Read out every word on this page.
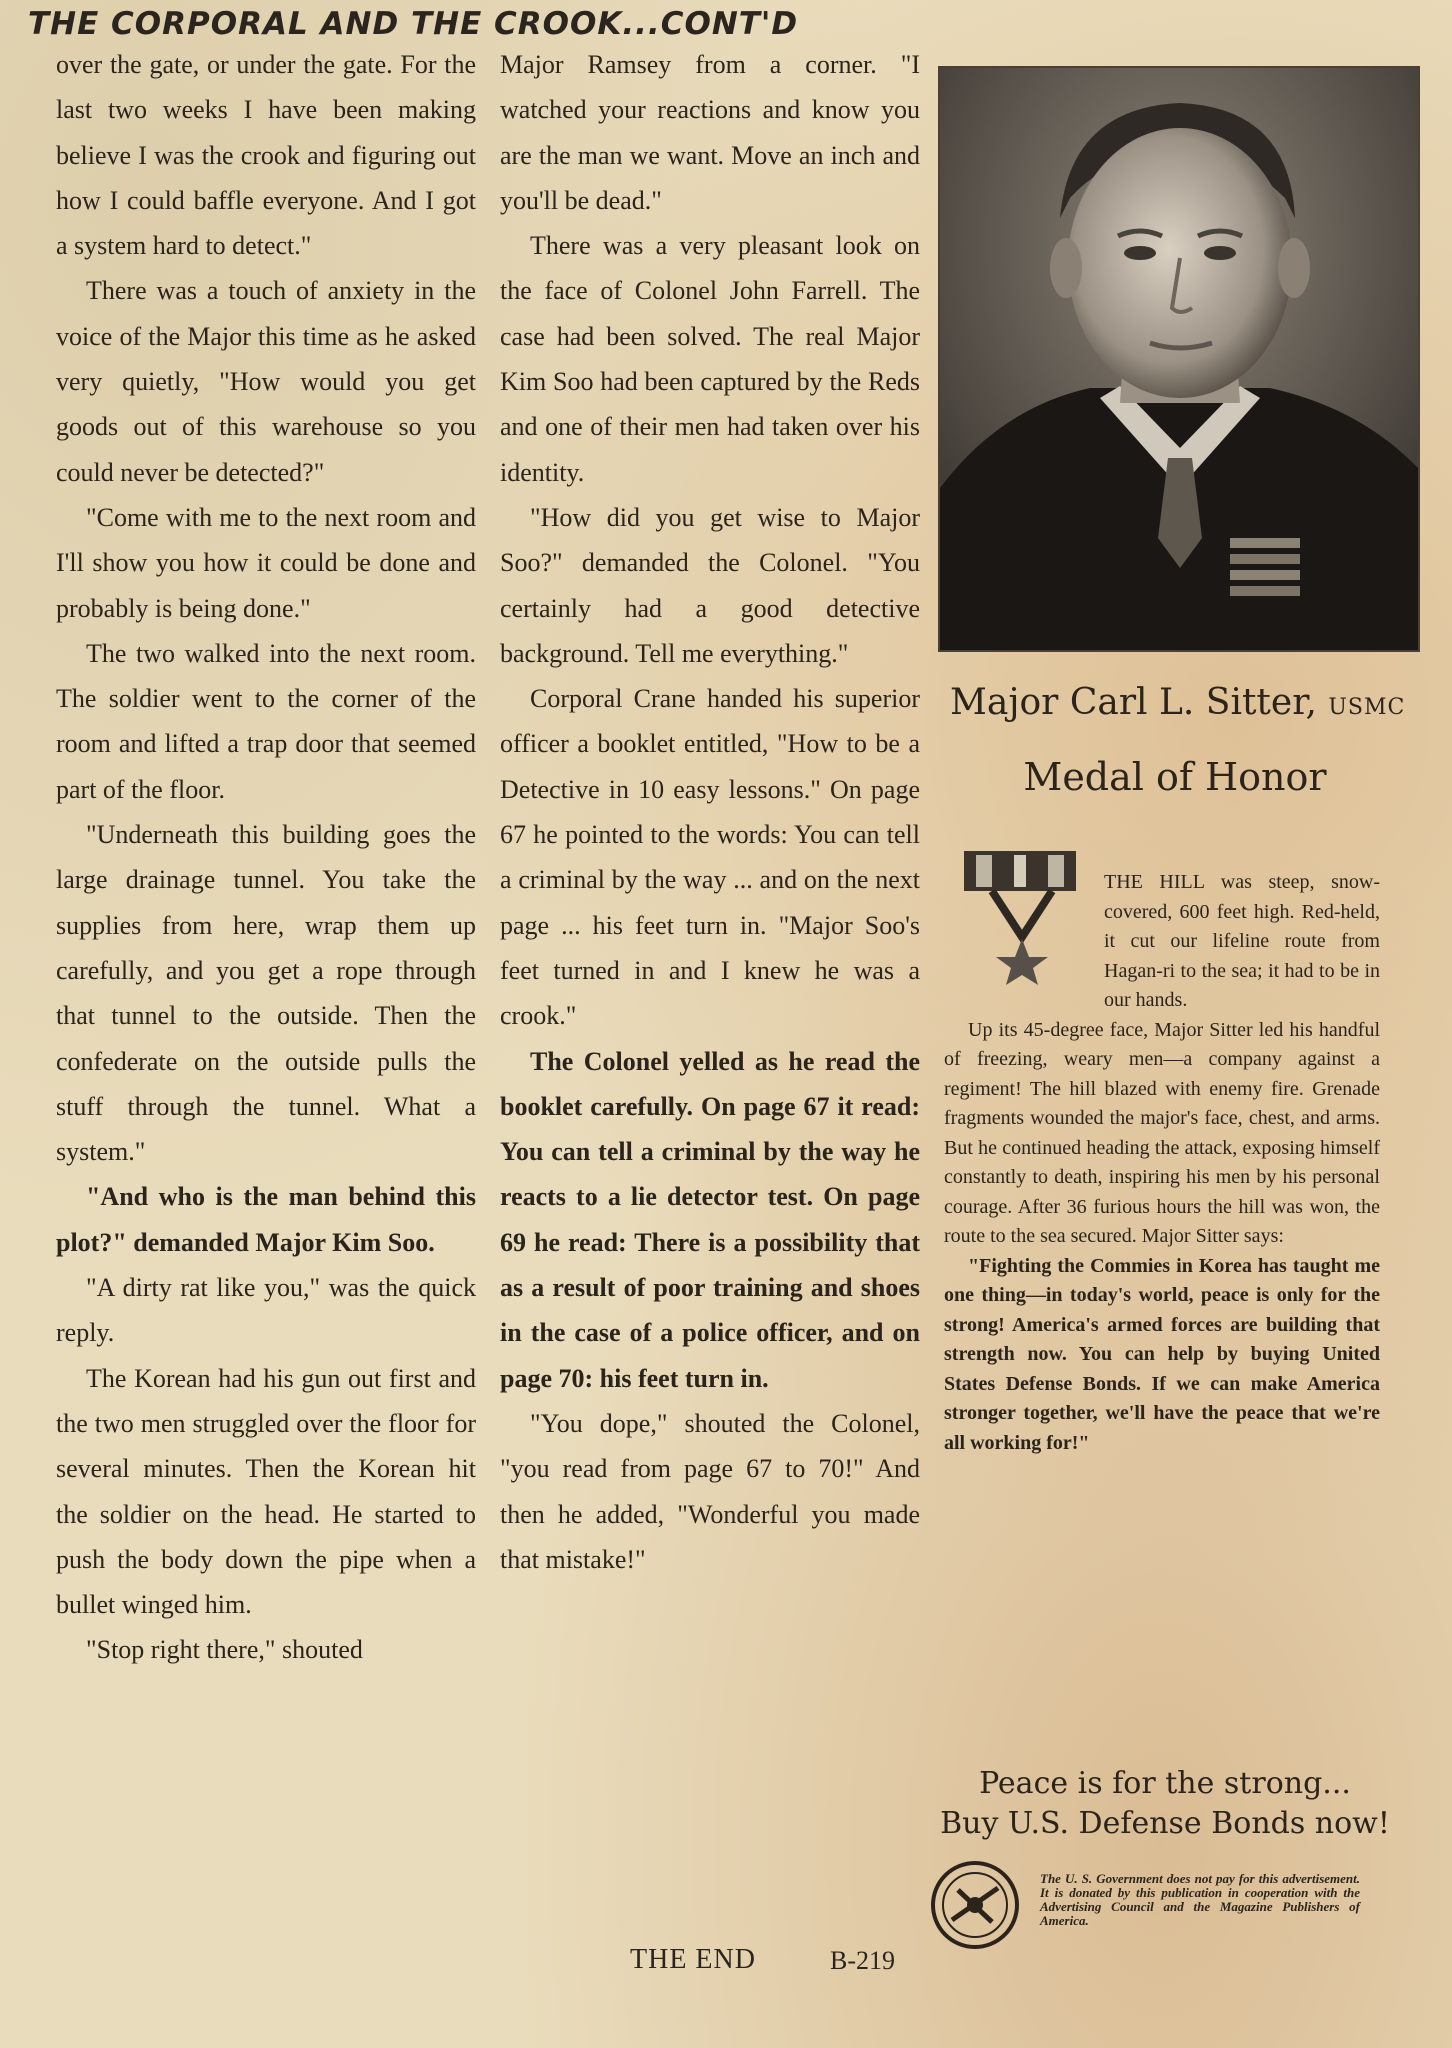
THE CORPORAL AND THE CROOK...CONT'D

over the gate, or under the gate. For the last two weeks I have been making believe I was the crook and figuring out how I could baffle everyone. And I got a system hard to detect."

There was a touch of anxiety in the voice of the Major this time as he asked very quietly, "How would you get goods out of this warehouse so you could never be detected?"

"Come with me to the next room and I'll show you how it could be done and probably is being done."

The two walked into the next room. The soldier went to the corner of the room and lifted a trap door that seemed part of the floor.

"Underneath this building goes the large drainage tunnel. You take the supplies from here, wrap them up carefully, and you get a rope through that tunnel to the outside. Then the confederate on the outside pulls the stuff through the tunnel. What a system."

"And who is the man behind this plot?" demanded Major Kim Soo.

"A dirty rat like you," was the quick reply.

The Korean had his gun out first and the two men struggled over the floor for several minutes. Then the Korean hit the soldier on the head. He started to push the body down the pipe when a bullet winged him.

"Stop right there," shouted

Major Ramsey from a corner. "I watched your reactions and know you are the man we want. Move an inch and you'll be dead."

There was a very pleasant look on the face of Colonel John Farrell. The case had been solved. The real Major Kim Soo had been captured by the Reds and one of their men had taken over his identity.

"How did you get wise to Major Soo?" demanded the Colonel. "You certainly had a good detective background. Tell me everything."

Corporal Crane handed his superior officer a booklet entitled, "How to be a Detective in 10 easy lessons." On page 67 he pointed to the words: You can tell a criminal by the way ... and on the next page ... his feet turn in. "Major Soo's feet turned in and I knew he was a crook."

The Colonel yelled as he read the booklet carefully. On page 67 it read: You can tell a criminal by the way he reacts to a lie detector test. On page 69 he read: There is a possibility that as a result of poor training and shoes in the case of a police officer, and on page 70: his feet turn in.

"You dope," shouted the Colonel, "you read from page 67 to 70!" And then he added, "Wonderful you made that mistake!"

THE END	B-219
Major Carl L. Sitter, USMC
Medal of Honor

THE HILL was steep, snow-covered, 600 feet high. Red-held, it cut our lifeline route from Hagan-ri to the sea; it had to be in our hands.

Up its 45-degree face, Major Sitter led his handful of freezing, weary men—a company against a regiment! The hill blazed with enemy fire. Grenade fragments wounded the major's face, chest, and arms. But he continued heading the attack, exposing himself constantly to death, inspiring his men by his personal courage. After 36 furious hours the hill was won, the route to the sea secured. Major Sitter says:

"Fighting the Commies in Korea has taught me one thing—in today's world, peace is only for the strong! America's armed forces are building that strength now. You can help by buying United States Defense Bonds. If we can make America stronger together, we'll have the peace that we're all working for!"

Peace is for the strong...
Buy U.S. Defense Bonds now!
The U. S. Government does not pay for this advertisement. It is donated by this publication in cooperation with the Advertising Council and the Magazine Publishers of America.
